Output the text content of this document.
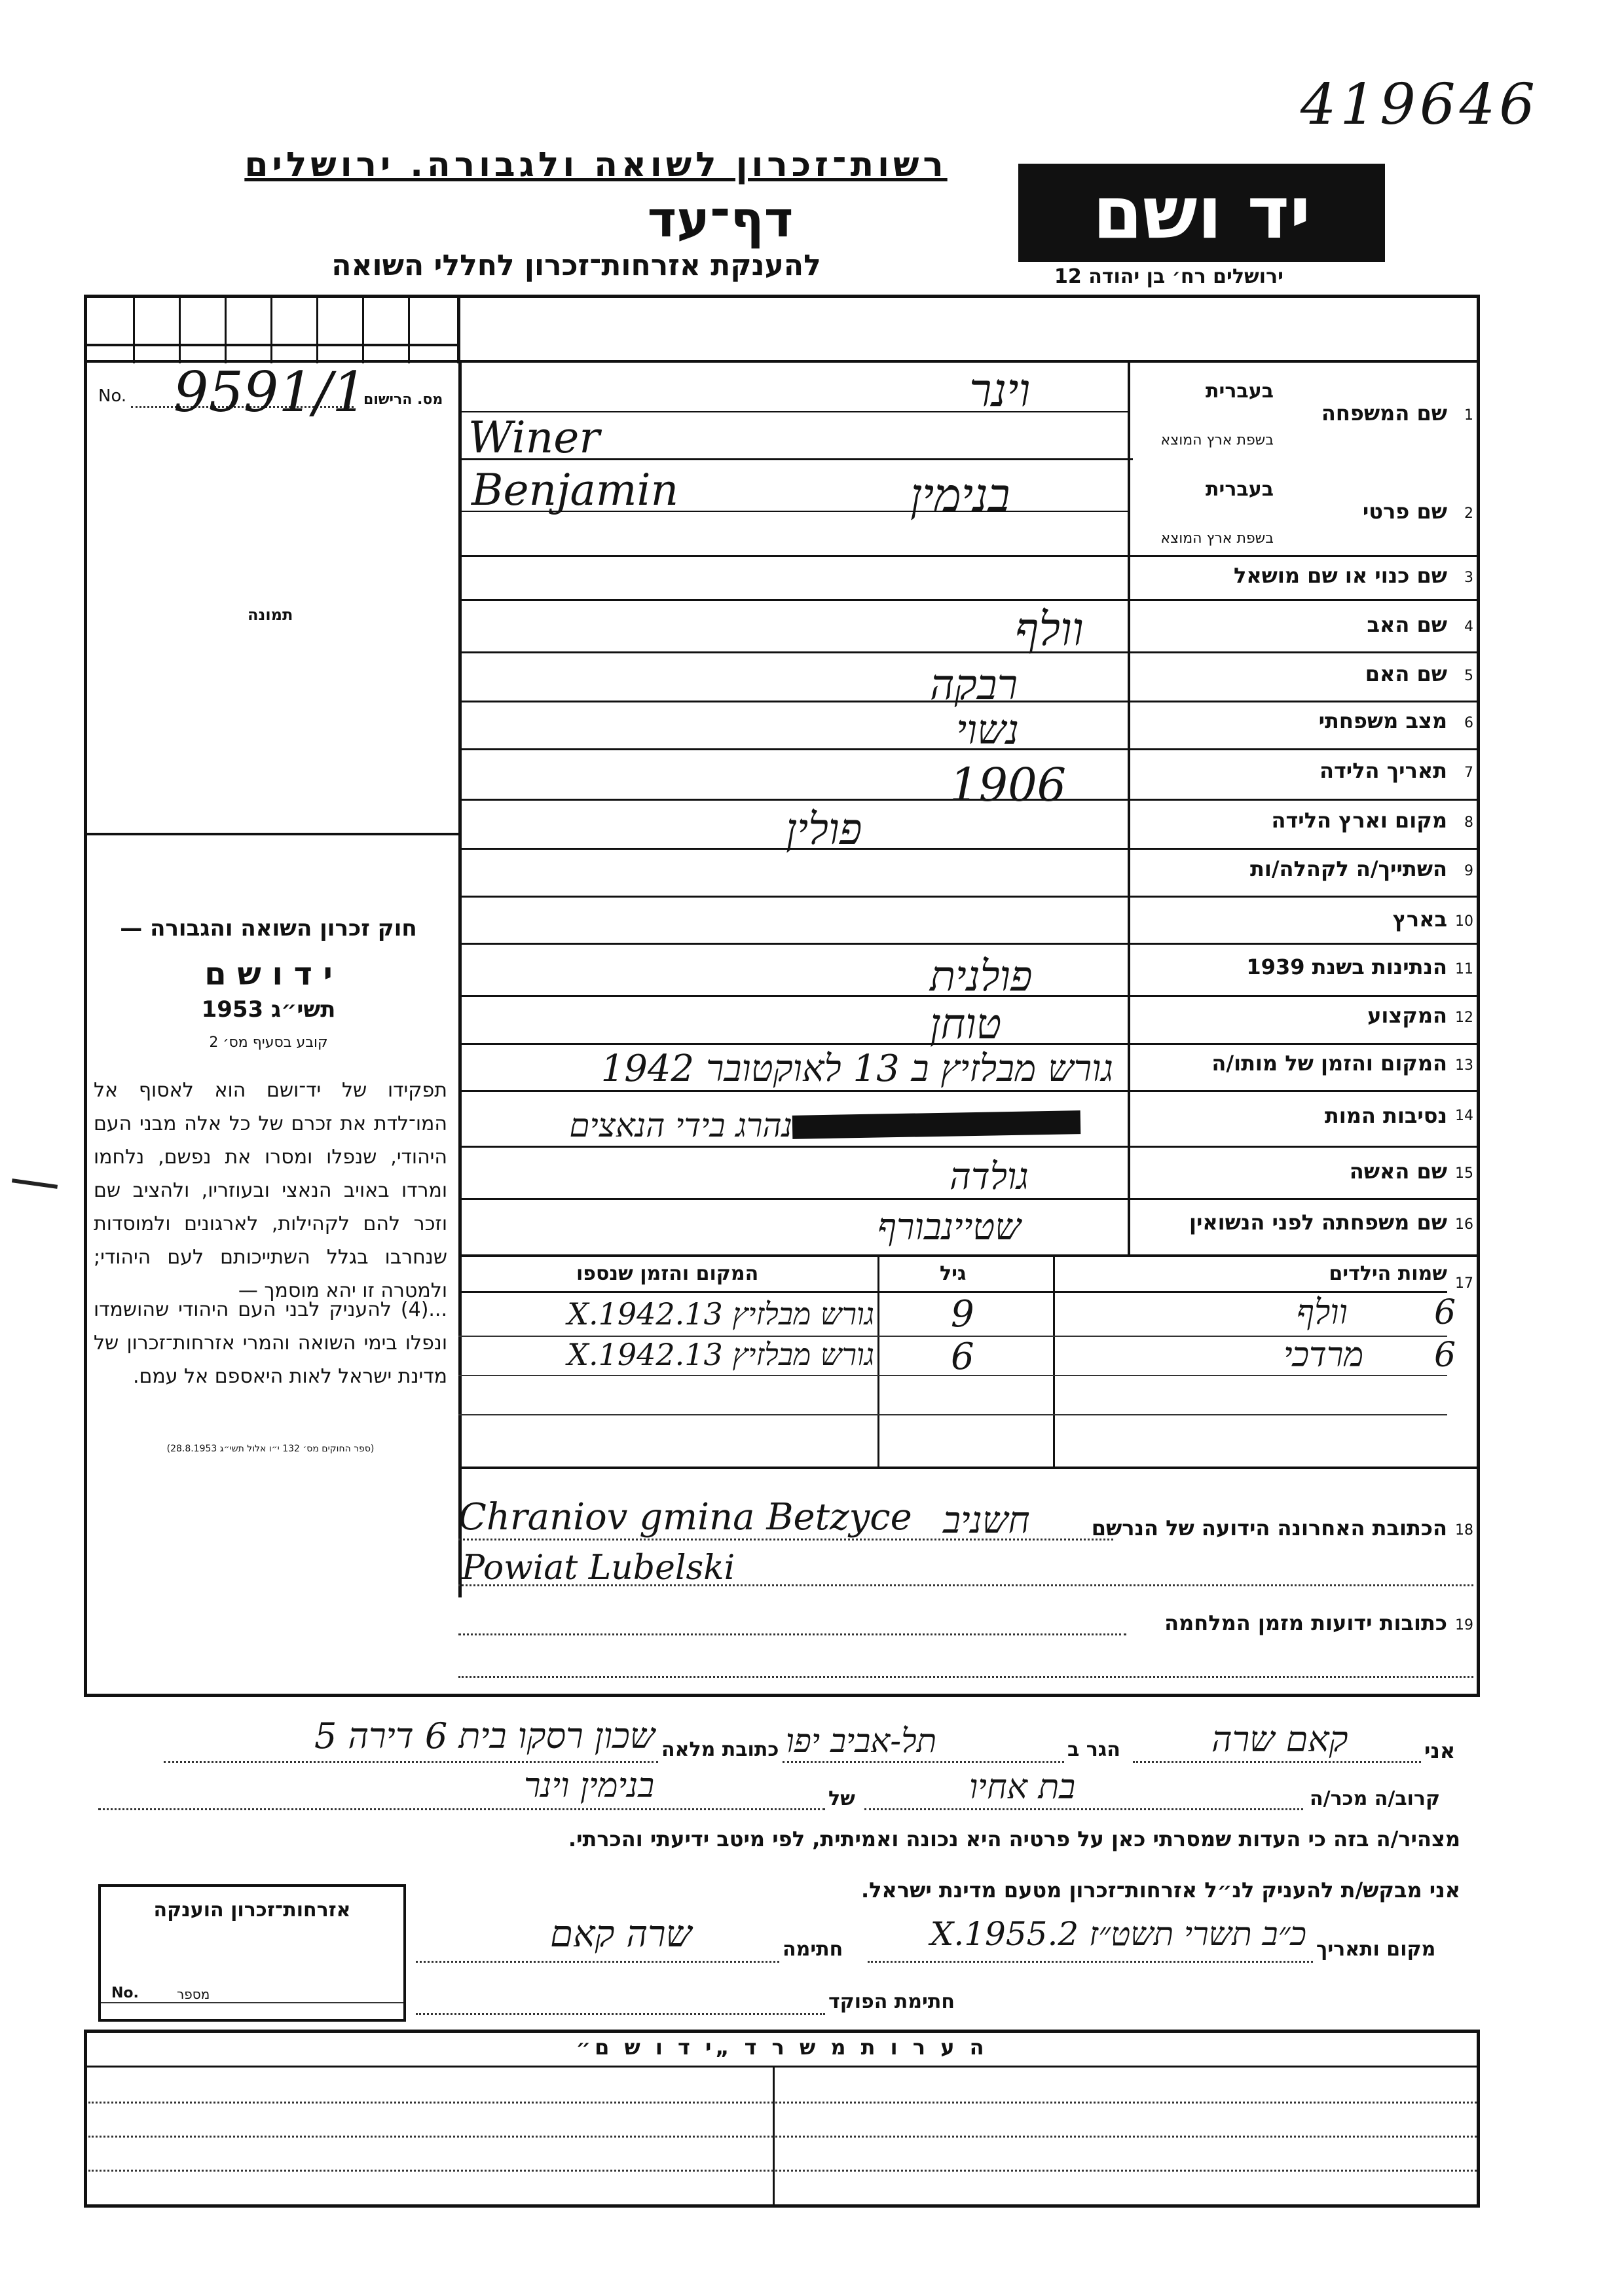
419646
רשות־זכרון לשואה ולגבורה. ירושלים
דף־עד
להענקת אזרחות־זכרון לחללי השואה
יד ושם
ירושלים רח׳ בן יהודה 12
No. 9591/1
מס. הרישום
תמונה
חוק זכרון השואה והגבורה —
י ד ו ש ם
תשי״ג 1953
קובע בסעיף מס׳ 2
תפקידו של יד־ושם הוא לאסוף אל המו־לדת את זכרם של כל אלה מבני העם היהודי, שנפלו ומסרו את נפשם, נלחמו ומרדו באויב הנאצי ובעוזריו, ולהציב שם וזכר להם לקהילות, לארגונים ולמוסדות שנחרבו בגלל השתייכותם לעם היהודי; ולמטרה זו יהא מוסמך —
...(4) להעניק לבני העם היהודי שהושמדו ונפלו בימי השואה והמרי אזרחות־זכרון של מדינת ישראל לאות היאספם אל עמם.
(ספר החוקים מס׳ 132 י״ו אלול תשי״ג 28.8.1953)
בעברית
שם המשפחה 1
בשפת ארץ המוצא
בעברית
שם פרטי 2
בשפת ארץ המוצא
שם כנוי או שם מושאל 3
שם האב 4
שם האם 5
מצב משפחתי 6
תאריך הלידה 7
מקום וארץ הלידה 8
השתייך/ה לקהלה/ות 9
בארץ 10
הנתינות בשנת 1939 11
המקצוע 12
המקום והזמן של מותו/ה 13
נסיבות המות 14
שם האשה 15
שם משפחתה לפני הנשואין 16
שמות הילדים 17
גיל
המקום והזמן שנספו
6
וולף
9
גורש מבלזיץ 13.X.1942
6
מרדכי
6
גורש מבלזיץ 13.X.1942
הכתובת האחרונה הידועה של הנרשם 18
כתובות ידועות מזמן המלחמה 19
וינר
Winer
בנימין
Benjamin
וולף
רבקה
נשוי
1906
פולין
פולנית
טוחן
גורש מבלזיץ ב 13 לאוקטובר 1942
נהרג בידי הנאצים
גולדה
שטיינבורף
חשניב
Chraniov gmina Betzyce
Powiat Lubelski
אני
קאם שרה
הגר ב
תל-אביב יפו
כתובת מלאה
שכון רסקו בית 6 דירה 5
קרוב/ה מכר/ה
בת אחיו
של
בנימין וינר
מצהיר/ה בזה כי העדות שמסרתי כאן על פרטיה היא נכונה ואמיתית, לפי מיטב ידיעתי והכרתי.
אני מבקש/ת להעניק לנ״ל אזרחות־זכרון מטעם מדינת ישראל.
אזרחות־זכרון הוענקה
No.	מספר
מקום ותאריך
כ״ב תשרי תשט״ז 2.X.1955
חתימה
שרה קאם
חתימת הפוקד
ה ע ר ו ת מ ש ר ד „י ד ו ש ם״
